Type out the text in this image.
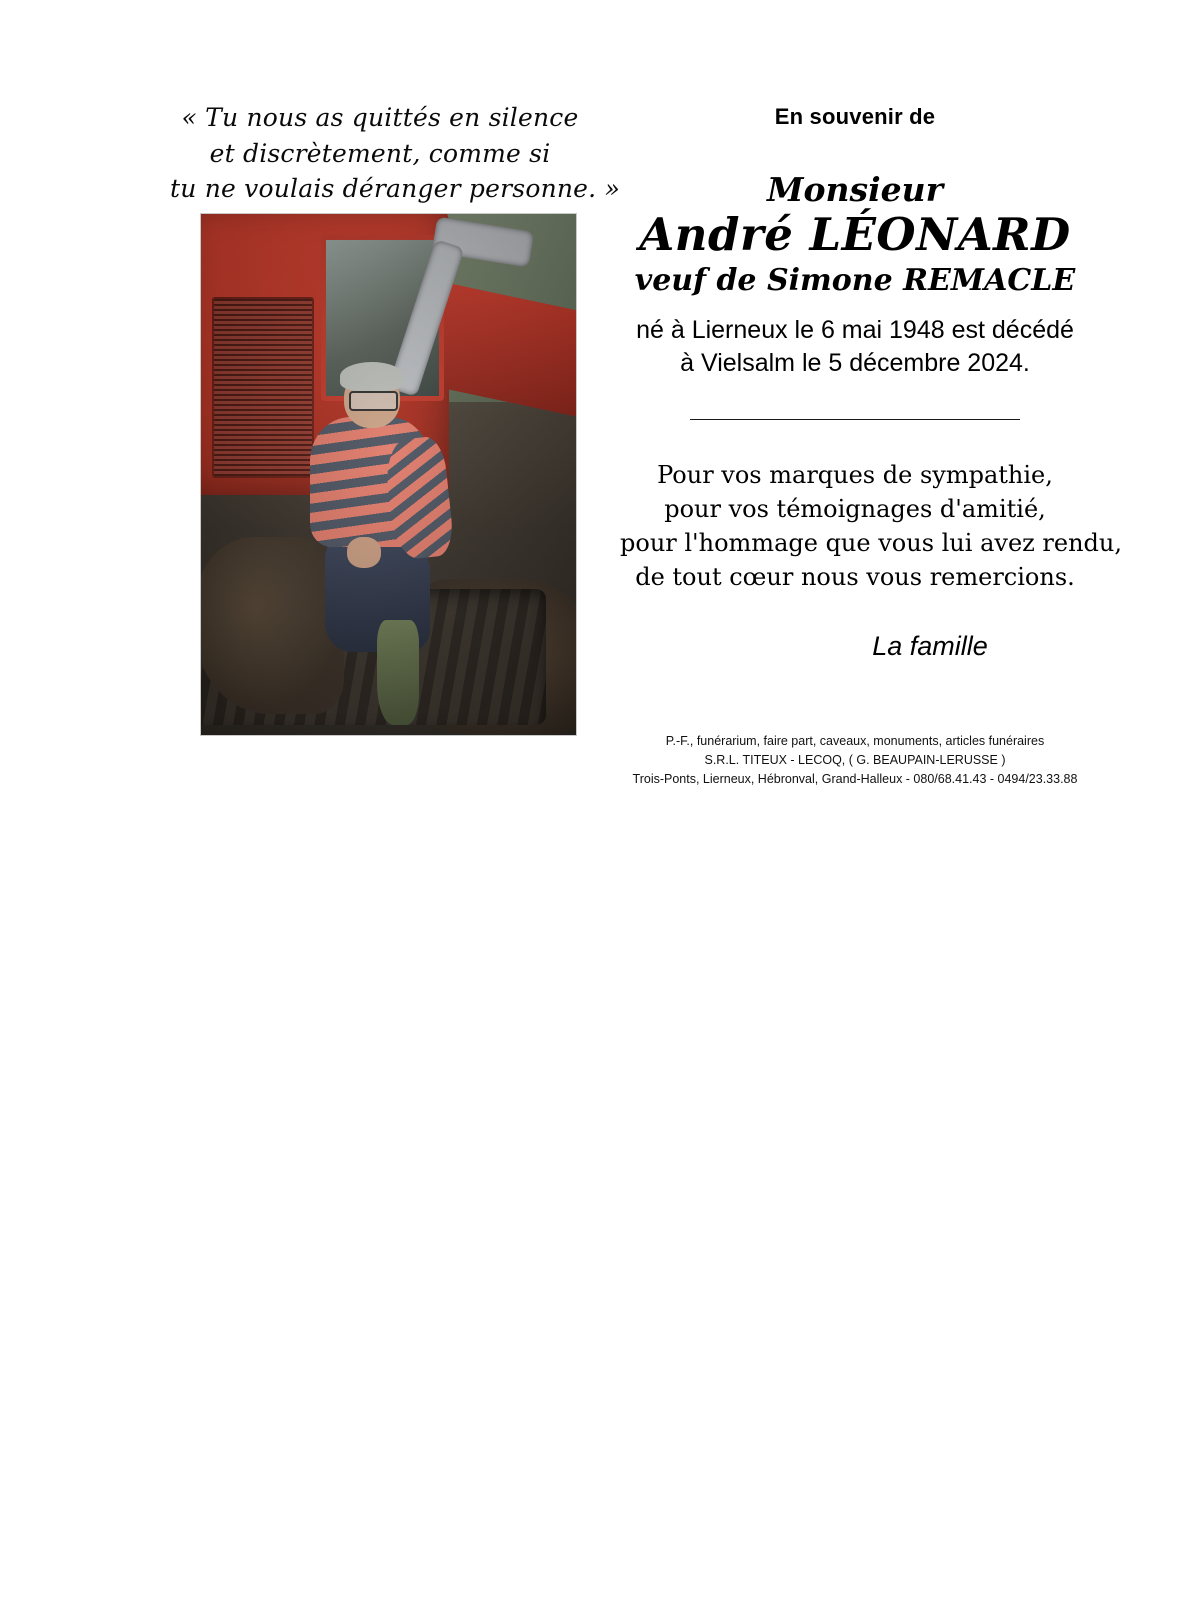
« Tu nous as quittés en silence
et discrètement, comme si
tu ne voulais déranger personne. »
En souvenir de
Monsieur
André LÉONARD
veuf de Simone REMACLE
né à Lierneux le 6 mai 1948 est décédé
à Vielsalm le 5 décembre 2024.
Pour vos marques de sympathie,
pour vos témoignages d'amitié,
pour l'hommage que vous lui avez rendu,
de tout cœur nous vous remercions.
La famille
P.-F., funérarium, faire part, caveaux, monuments, articles funéraires
S.R.L. TITEUX - LECOQ, ( G. BEAUPAIN-LERUSSE )
Trois-Ponts, Lierneux, Hébronval, Grand-Halleux - 080/68.41.43 - 0494/23.33.88
